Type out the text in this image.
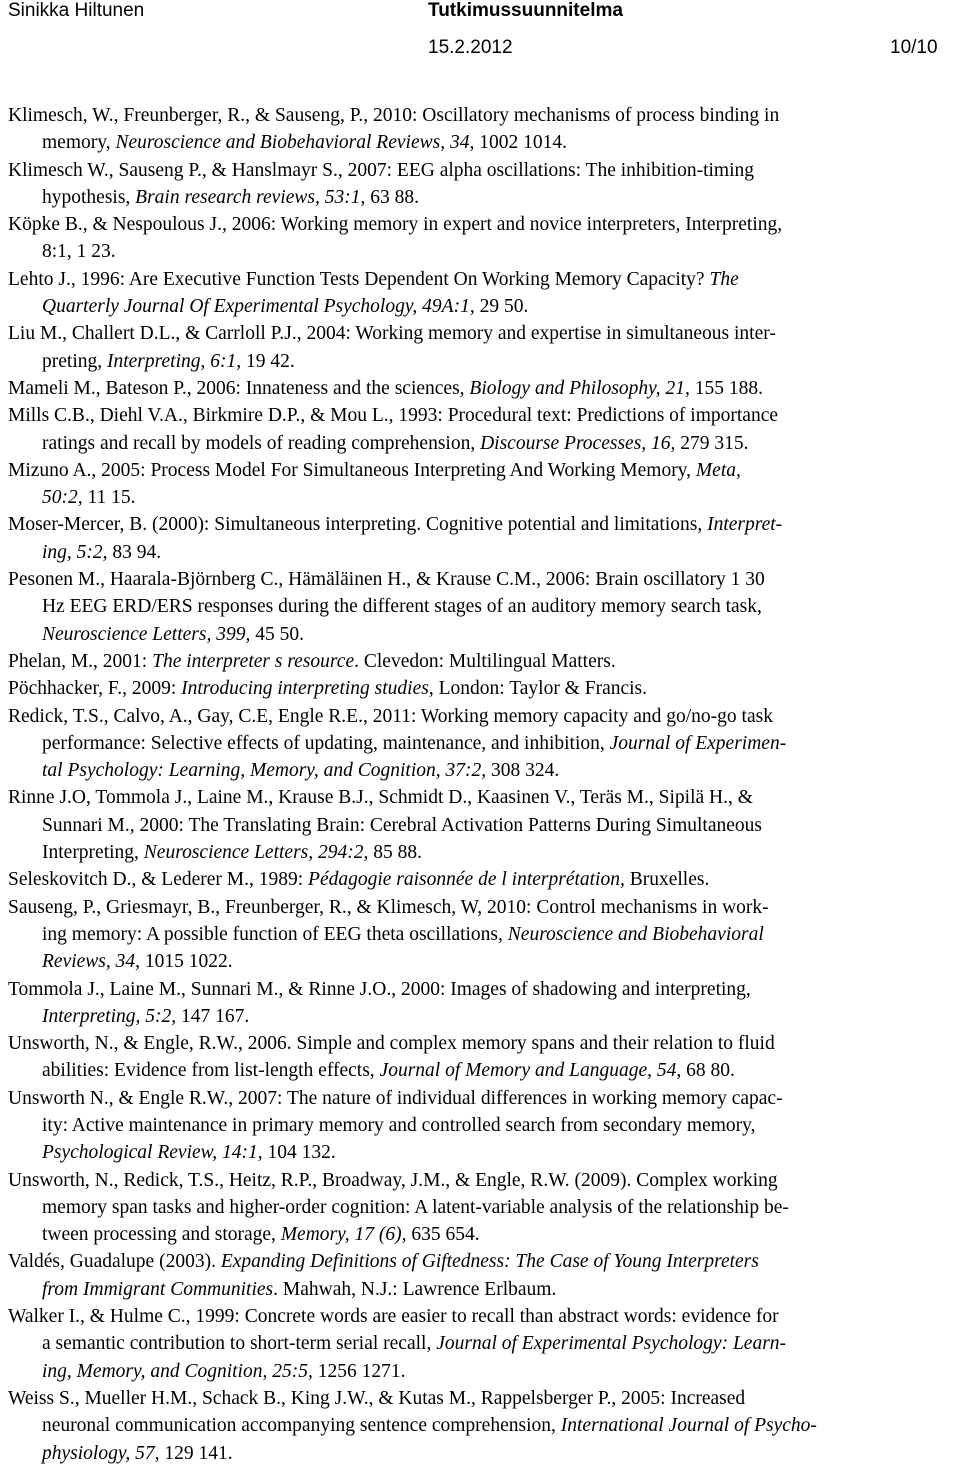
Sinikka Hiltunen	Tutkimussuunnitelma
15.2.2012	10/10
Klimesch, W., Freunberger, R., & Sauseng, P., 2010: Oscillatory mechanisms of process binding in
memory, Neuroscience and Biobehavioral Reviews, 34, 1002 1014.
Klimesch W., Sauseng P., & Hanslmayr S., 2007: EEG alpha oscillations: The inhibition-timing
hypothesis, Brain research reviews, 53:1, 63 88.
Köpke B., & Nespoulous J., 2006: Working memory in expert and novice interpreters, Interpreting,
8:1, 1 23.
Lehto J., 1996: Are Executive Function Tests Dependent On Working Memory Capacity? The
Quarterly Journal Of Experimental Psychology, 49A:1, 29 50.
Liu M., Challert D.L., & Carrloll P.J., 2004: Working memory and expertise in simultaneous inter-
preting, Interpreting, 6:1, 19 42.
Mameli M., Bateson P., 2006: Innateness and the sciences, Biology and Philosophy, 21, 155 188.
Mills C.B., Diehl V.A., Birkmire D.P., & Mou L., 1993: Procedural text: Predictions of importance
ratings and recall by models of reading comprehension, Discourse Processes, 16, 279 315.
Mizuno A., 2005: Process Model For Simultaneous Interpreting And Working Memory, Meta,
50:2, 11 15.
Moser-Mercer, B. (2000): Simultaneous interpreting. Cognitive potential and limitations, Interpret-
ing, 5:2, 83 94.
Pesonen M., Haarala-Björnberg C., Hämäläinen H., & Krause C.M., 2006: Brain oscillatory 1 30
Hz EEG ERD/ERS responses during the different stages of an auditory memory search task,
Neuroscience Letters, 399, 45 50.
Phelan, M., 2001: The interpreter s resource. Clevedon: Multilingual Matters.
Pöchhacker, F., 2009: Introducing interpreting studies, London: Taylor & Francis.
Redick, T.S., Calvo, A., Gay, C.E, Engle R.E., 2011: Working memory capacity and go/no-go task
performance: Selective effects of updating, maintenance, and inhibition, Journal of Experimen-
tal Psychology: Learning, Memory, and Cognition, 37:2, 308 324.
Rinne J.O, Tommola J., Laine M., Krause B.J., Schmidt D., Kaasinen V., Teräs M., Sipilä H., &
Sunnari M., 2000: The Translating Brain: Cerebral Activation Patterns During Simultaneous
Interpreting, Neuroscience Letters, 294:2, 85 88.
Seleskovitch D., & Lederer M., 1989: Pédagogie raisonnée de l interprétation, Bruxelles.
Sauseng, P., Griesmayr, B., Freunberger, R., & Klimesch, W, 2010: Control mechanisms in work-
ing memory: A possible function of EEG theta oscillations, Neuroscience and Biobehavioral
Reviews, 34, 1015 1022.
Tommola J., Laine M., Sunnari M., & Rinne J.O., 2000: Images of shadowing and interpreting,
Interpreting, 5:2, 147 167.
Unsworth, N., & Engle, R.W., 2006. Simple and complex memory spans and their relation to fluid
abilities: Evidence from list-length effects, Journal of Memory and Language, 54, 68 80.
Unsworth N., & Engle R.W., 2007: The nature of individual differences in working memory capac-
ity: Active maintenance in primary memory and controlled search from secondary memory,
Psychological Review, 14:1, 104 132.
Unsworth, N., Redick, T.S., Heitz, R.P., Broadway, J.M., & Engle, R.W. (2009). Complex working
memory span tasks and higher-order cognition: A latent-variable analysis of the relationship be-
tween processing and storage, Memory, 17 (6), 635 654.
Valdés, Guadalupe (2003). Expanding Definitions of Giftedness: The Case of Young Interpreters
from Immigrant Communities. Mahwah, N.J.: Lawrence Erlbaum.
Walker I., & Hulme C., 1999: Concrete words are easier to recall than abstract words: evidence for
a semantic contribution to short-term serial recall, Journal of Experimental Psychology: Learn-
ing, Memory, and Cognition, 25:5, 1256 1271.
Weiss S., Mueller H.M., Schack B., King J.W., & Kutas M., Rappelsberger P., 2005: Increased
neuronal communication accompanying sentence comprehension, International Journal of Psycho-
physiology, 57, 129 141.
